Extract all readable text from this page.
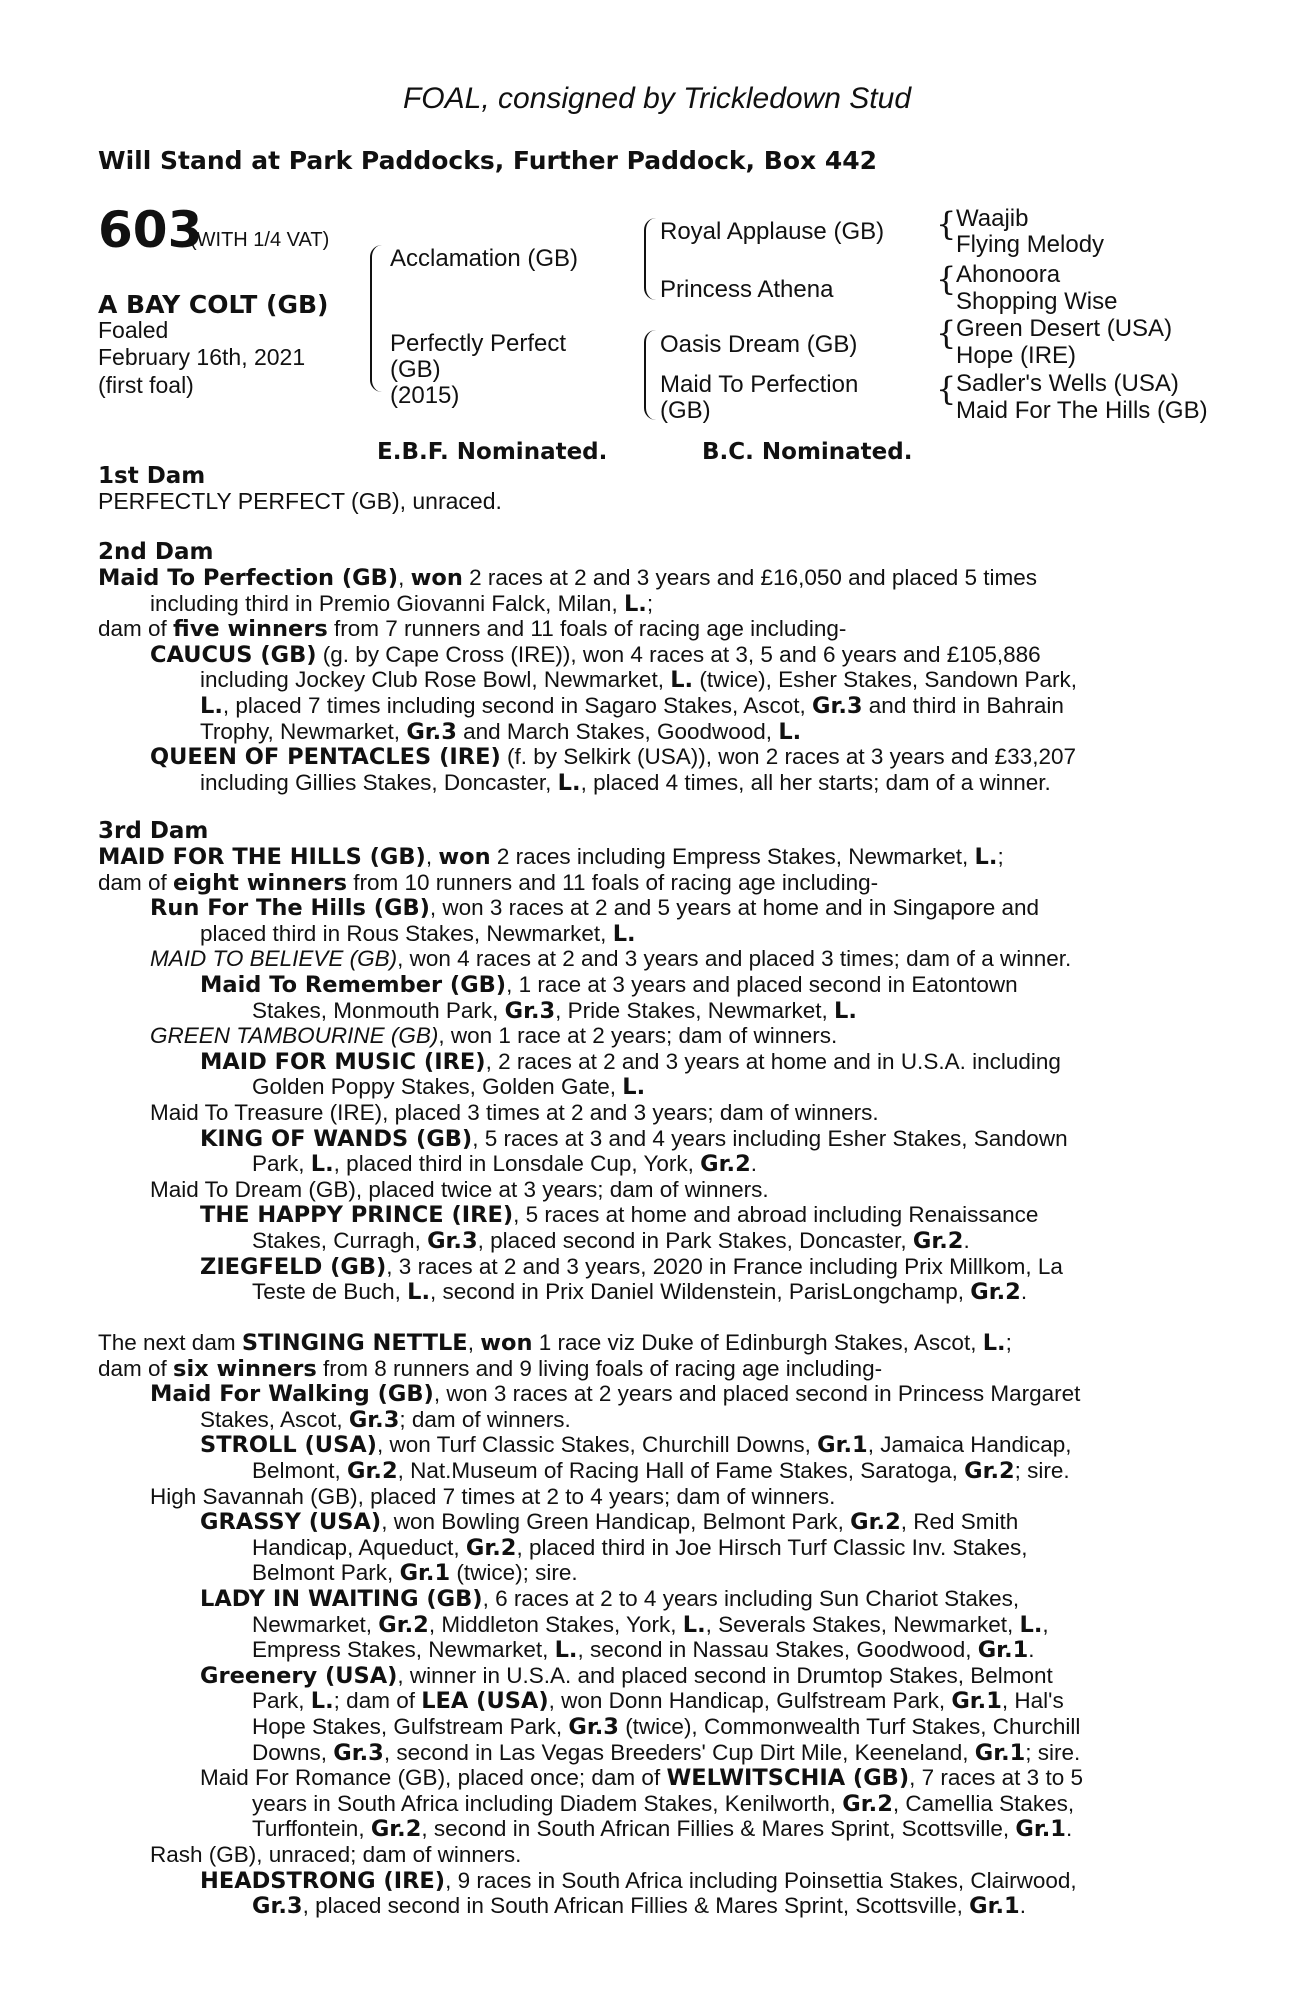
FOAL, consigned by Trickledown Stud
Will Stand at Park Paddocks, Further Paddock, Box 442
603
(WITH 1/4 VAT)
A BAY COLT (GB)
Foaled
February 16th, 2021
(first foal)
{
{
{
{
Acclamation (GB)
Perfectly Perfect
(GB)
(2015)
Royal Applause (GB)
Princess Athena
Oasis Dream (GB)
Maid To Perfection
(GB)
Waajib
Flying Melody
Ahonoora
Shopping Wise
Green Desert (USA)
Hope (IRE)
Sadler's Wells (USA)
Maid For The Hills (GB)
E.B.F. Nominated.	B.C. Nominated.
1st Dam
PERFECTLY PERFECT (GB), unraced.
2nd Dam
Maid To Perfection (GB), won 2 races at 2 and 3 years and £16,050 and placed 5 times
including third in Premio Giovanni Falck, Milan, L.;
dam of five winners from 7 runners and 11 foals of racing age including-
CAUCUS (GB) (g. by Cape Cross (IRE)), won 4 races at 3, 5 and 6 years and £105,886
including Jockey Club Rose Bowl, Newmarket, L. (twice), Esher Stakes, Sandown Park,
L., placed 7 times including second in Sagaro Stakes, Ascot, Gr.3 and third in Bahrain
Trophy, Newmarket, Gr.3 and March Stakes, Goodwood, L.
QUEEN OF PENTACLES (IRE) (f. by Selkirk (USA)), won 2 races at 3 years and £33,207
including Gillies Stakes, Doncaster, L., placed 4 times, all her starts; dam of a winner.
3rd Dam
MAID FOR THE HILLS (GB), won 2 races including Empress Stakes, Newmarket, L.;
dam of eight winners from 10 runners and 11 foals of racing age including-
Run For The Hills (GB), won 3 races at 2 and 5 years at home and in Singapore and
placed third in Rous Stakes, Newmarket, L.
MAID TO BELIEVE (GB), won 4 races at 2 and 3 years and placed 3 times; dam of a winner.
Maid To Remember (GB), 1 race at 3 years and placed second in Eatontown
Stakes, Monmouth Park, Gr.3, Pride Stakes, Newmarket, L.
GREEN TAMBOURINE (GB), won 1 race at 2 years; dam of winners.
MAID FOR MUSIC (IRE), 2 races at 2 and 3 years at home and in U.S.A. including
Golden Poppy Stakes, Golden Gate, L.
Maid To Treasure (IRE), placed 3 times at 2 and 3 years; dam of winners.
KING OF WANDS (GB), 5 races at 3 and 4 years including Esher Stakes, Sandown
Park, L., placed third in Lonsdale Cup, York, Gr.2.
Maid To Dream (GB), placed twice at 3 years; dam of winners.
THE HAPPY PRINCE (IRE), 5 races at home and abroad including Renaissance
Stakes, Curragh, Gr.3, placed second in Park Stakes, Doncaster, Gr.2.
ZIEGFELD (GB), 3 races at 2 and 3 years, 2020 in France including Prix Millkom, La
Teste de Buch, L., second in Prix Daniel Wildenstein, ParisLongchamp, Gr.2.
The next dam STINGING NETTLE, won 1 race viz Duke of Edinburgh Stakes, Ascot, L.;
dam of six winners from 8 runners and 9 living foals of racing age including-
Maid For Walking (GB), won 3 races at 2 years and placed second in Princess Margaret
Stakes, Ascot, Gr.3; dam of winners.
STROLL (USA), won Turf Classic Stakes, Churchill Downs, Gr.1, Jamaica Handicap,
Belmont, Gr.2, Nat.Museum of Racing Hall of Fame Stakes, Saratoga, Gr.2; sire.
High Savannah (GB), placed 7 times at 2 to 4 years; dam of winners.
GRASSY (USA), won Bowling Green Handicap, Belmont Park, Gr.2, Red Smith
Handicap, Aqueduct, Gr.2, placed third in Joe Hirsch Turf Classic Inv. Stakes,
Belmont Park, Gr.1 (twice); sire.
LADY IN WAITING (GB), 6 races at 2 to 4 years including Sun Chariot Stakes,
Newmarket, Gr.2, Middleton Stakes, York, L., Severals Stakes, Newmarket, L.,
Empress Stakes, Newmarket, L., second in Nassau Stakes, Goodwood, Gr.1.
Greenery (USA), winner in U.S.A. and placed second in Drumtop Stakes, Belmont
Park, L.; dam of LEA (USA), won Donn Handicap, Gulfstream Park, Gr.1, Hal's
Hope Stakes, Gulfstream Park, Gr.3 (twice), Commonwealth Turf Stakes, Churchill
Downs, Gr.3, second in Las Vegas Breeders' Cup Dirt Mile, Keeneland, Gr.1; sire.
Maid For Romance (GB), placed once; dam of WELWITSCHIA (GB), 7 races at 3 to 5
years in South Africa including Diadem Stakes, Kenilworth, Gr.2, Camellia Stakes,
Turffontein, Gr.2, second in South African Fillies & Mares Sprint, Scottsville, Gr.1.
Rash (GB), unraced; dam of winners.
HEADSTRONG (IRE), 9 races in South Africa including Poinsettia Stakes, Clairwood,
Gr.3, placed second in South African Fillies & Mares Sprint, Scottsville, Gr.1.
